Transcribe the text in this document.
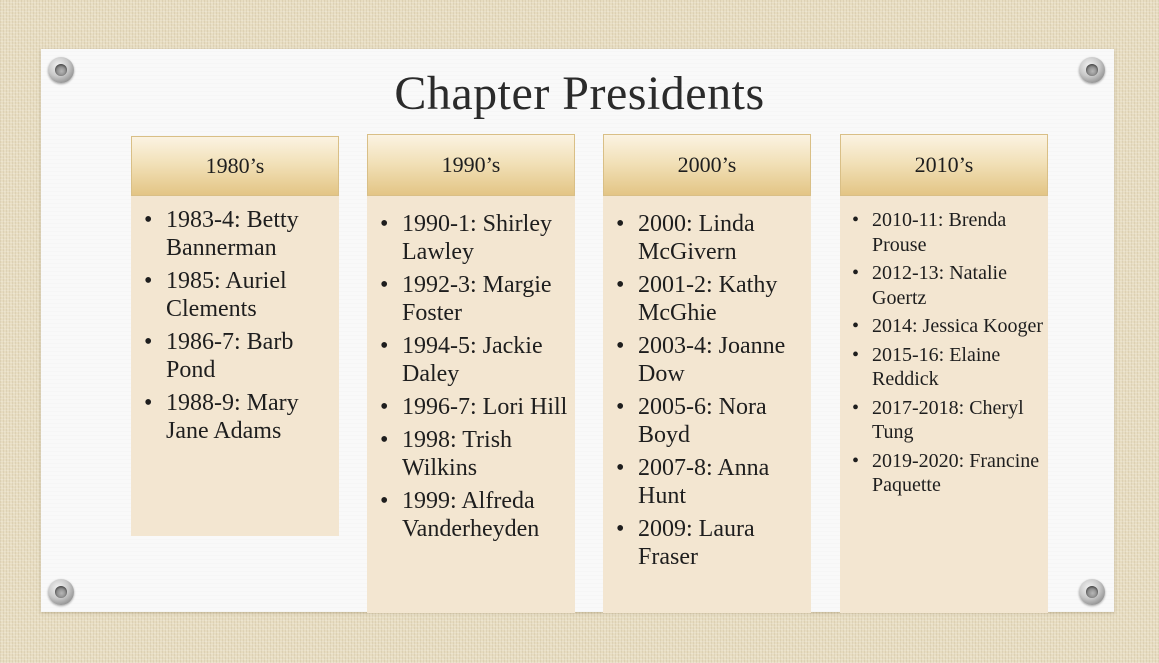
Chapter Presidents
1980’s
• 1983-4: Betty Bannerman
• 1985: Auriel Clements
• 1986-7: Barb Pond
• 1988-9: Mary Jane Adams
1990’s
• 1990-1: Shirley Lawley
• 1992-3: Margie Foster
• 1994-5: Jackie Daley
• 1996-7: Lori Hill
• 1998: Trish Wilkins
• 1999: Alfreda Vanderheyden
2000’s
• 2000: Linda McGivern
• 2001-2: Kathy McGhie
• 2003-4: Joanne Dow
• 2005-6: Nora Boyd
• 2007-8: Anna Hunt
• 2009: Laura Fraser
2010’s
• 2010-11: Brenda Prouse
• 2012-13: Natalie Goertz
• 2014: Jessica Kooger
• 2015-16: Elaine Reddick
• 2017-2018: Cheryl Tung
• 2019-2020: Francine Paquette
